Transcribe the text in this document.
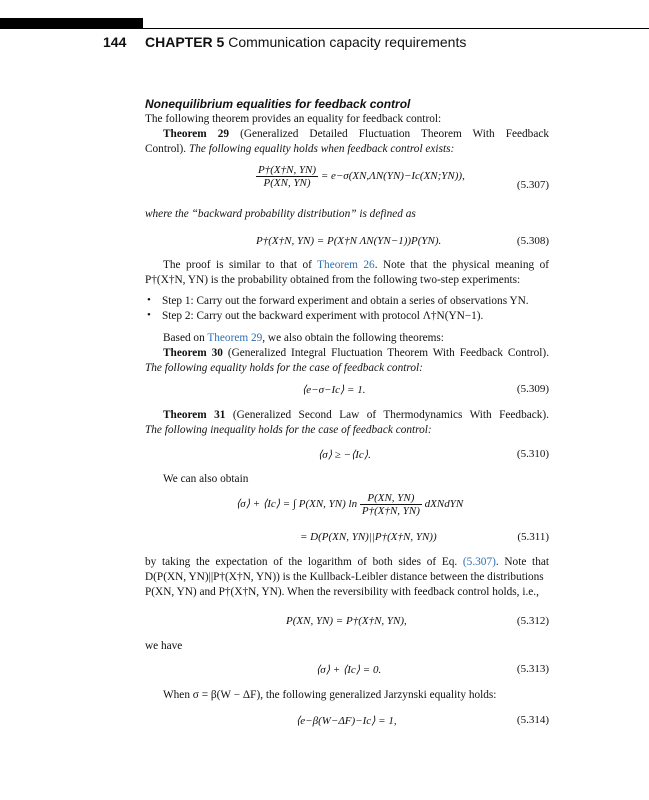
144 CHAPTER 5 Communication capacity requirements
Nonequilibrium equalities for feedback control
The following theorem provides an equality for feedback control:
Theorem 29 (Generalized Detailed Fluctuation Theorem With Feedback
Control). The following equality holds when feedback control exists:
$\frac{P\dagger(X\dagger N, YN)}{P(XN, YN)}$ = e−σ(XN,ΛN(YN)−Ic(XN;YN)),
(5.307)
where the “backward probability distribution” is defined as
P†(X†N, YN) = P(X†N ΛN(YN−1))P(YN).	(5.308)
The proof is similar to that of Theorem 26. Note that the physical meaning of
P†(X†N, YN) is the probability obtained from the following two-step experiments:
• Step 1: Carry out the forward experiment and obtain a series of observations YN.
• Step 2: Carry out the backward experiment with protocol Λ†N(YN−1).
Based on Theorem 29, we also obtain the following theorems:
Theorem 30 (Generalized Integral Fluctuation Theorem With Feedback Control).
The following equality holds for the case of feedback control:
⟨e−σ−Ic⟩ = 1.	(5.309)
Theorem 31 (Generalized Second Law of Thermodynamics With Feedback).
The following inequality holds for the case of feedback control:
⟨σ⟩ ≥ −⟨Ic⟩.	(5.310)
We can also obtain
⟨σ⟩ + ⟨Ic⟩ = ∫ P(XN, YN) $\ln \frac{P(XN, YN)}{P\dagger(X\dagger N, YN)}$ dXNdYN
= D(P(XN, YN)||P†(X†N, YN))	(5.311)
by taking the expectation of the logarithm of both sides of Eq. (5.307). Note that
D(P(XN, YN)||P†(X†N, YN)) is the Kullback-Leibler distance between the distributions
P(XN, YN) and P†(X†N, YN). When the reversibility with feedback control holds, i.e.,
P(XN, YN) = P†(X†N, YN),	(5.312)
we have
⟨σ⟩ + ⟨Ic⟩ = 0.	(5.313)
When σ = β(W − ΔF), the following generalized Jarzynski equality holds:
⟨e−β(W−ΔF)−Ic⟩ = 1,	(5.314)
